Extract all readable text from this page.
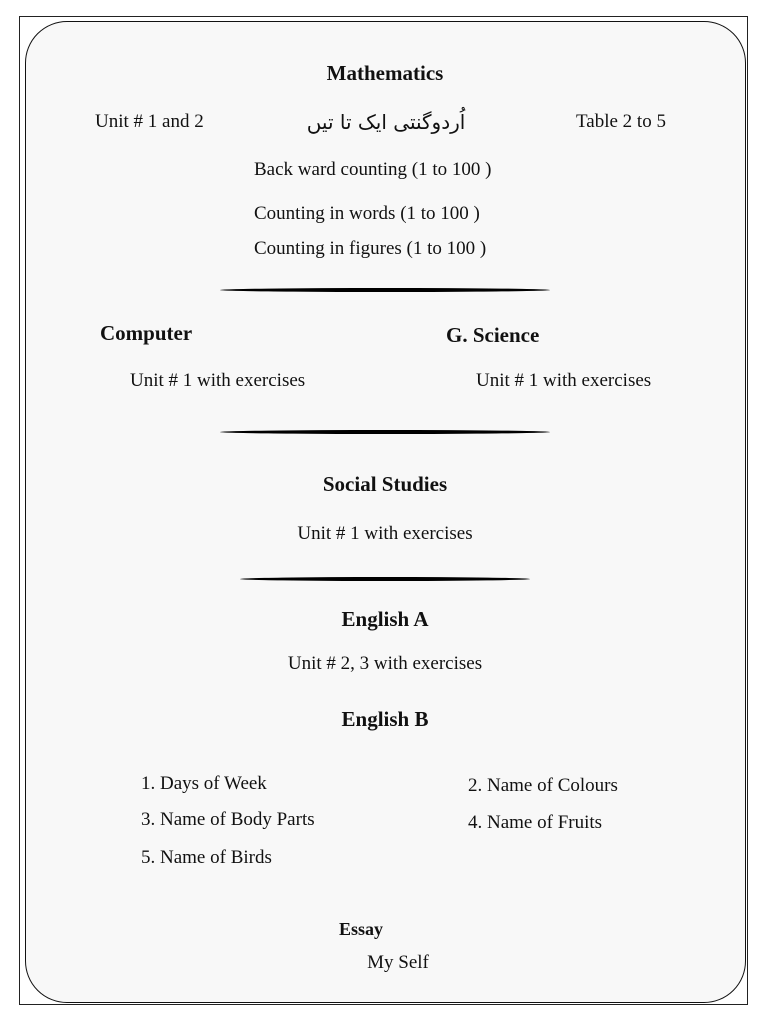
Mathematics
Unit # 1 and 2	اُردوگنتی ایک تا تیں	Table 2 to 5
Back ward counting (1 to 100 )
Counting in words (1 to 100 )
Counting in figures (1 to 100 )
Computer
Unit # 1 with exercises
G. Science
Unit # 1 with exercises
Social Studies
Unit # 1 with exercises
English A
Unit # 2, 3 with exercises
English B
1. Days of Week	2. Name of Colours
3. Name of Body Parts	4. Name of Fruits
5. Name of Birds
Essay
My Self
